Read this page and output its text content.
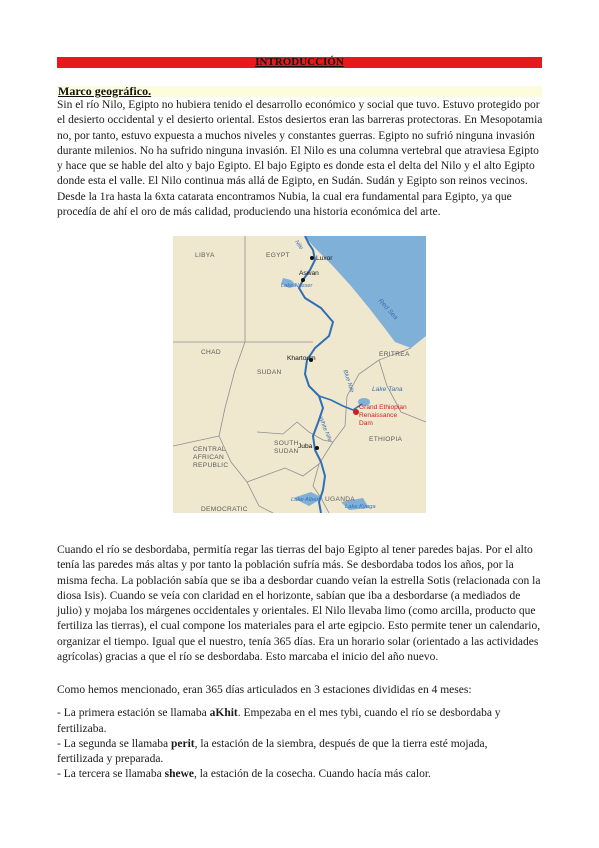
INTRODUCCIÓN
Marco geográfico.

Sin el río Nilo, Egipto no hubiera tenido el desarrollo económico y social que tuvo. Estuvo protegido por el desierto occidental y el desierto oriental. Estos desiertos eran las barreras protectoras. En Mesopotamia no, por tanto, estuvo expuesta a muchos niveles y constantes guerras. Egipto no sufrió ninguna invasión durante milenios. No ha sufrido ninguna invasión. El Nilo es una columna vertebral que atraviesa Egipto y hace que se hable del alto y bajo Egipto. El bajo Egipto es donde esta el delta del Nilo y el alto Egipto donde esta el valle. El Nilo continua más allá de Egipto, en Sudán. Sudán y Egipto son reinos vecinos. Desde la 1ra hasta la 6xta catarata encontramos Nubia, la cual era fundamental para Egipto, ya que procedía de ahí el oro de más calidad, produciendo una historia económica del arte.

LIBYA	EGYPT
CHAD
SUDAN
ERITREA
ETHIOPIA
SOUTH
SUDAN
CENTRAL
AFRICAN
REPUBLIC
DEMOCRATIC
UGANDA
Luxor
Aswan
Khartoum
Juba
Lake Nasser
Red Sea
Lake Tana
Blue Nile
White Nile
Nile
Lake Albert
Lake Kyoga
Grand Ethiopian
Renaissance
Dam

Cuando el río se desbordaba, permitía regar las tierras del bajo Egipto al tener paredes bajas. Por el alto tenía las paredes más altas y por tanto la población sufría más. Se desbordaba todos los años, por la misma fecha. La población sabía que se iba a desbordar cuando veían la estrella Sotis (relacionada con la diosa Isis). Cuando se veía con claridad en el horizonte, sabían que iba a desbordarse (a mediados de julio) y mojaba los márgenes occidentales y orientales. El Nilo llevaba limo (como arcilla, producto que fertiliza las tierras), el cual compone los materiales para el arte egipcio. Esto permite tener un calendario, organizar el tiempo. Igual que el nuestro, tenía 365 días. Era un horario solar (orientado a las actividades agrícolas) gracias a que el río se desbordaba. Esto marcaba el inicio del año nuevo.

Como hemos mencionado, eran 365 días articulados en 3 estaciones divididas en 4 meses:
- La primera estación se llamaba aKhit. Empezaba en el mes tybi, cuando el río se desbordaba y
fertilizaba.
- La segunda se llamaba perit, la estación de la siembra, después de que la tierra esté mojada,
fertilizada y preparada.
- La tercera se llamaba shewe, la estación de la cosecha. Cuando hacía más calor.
